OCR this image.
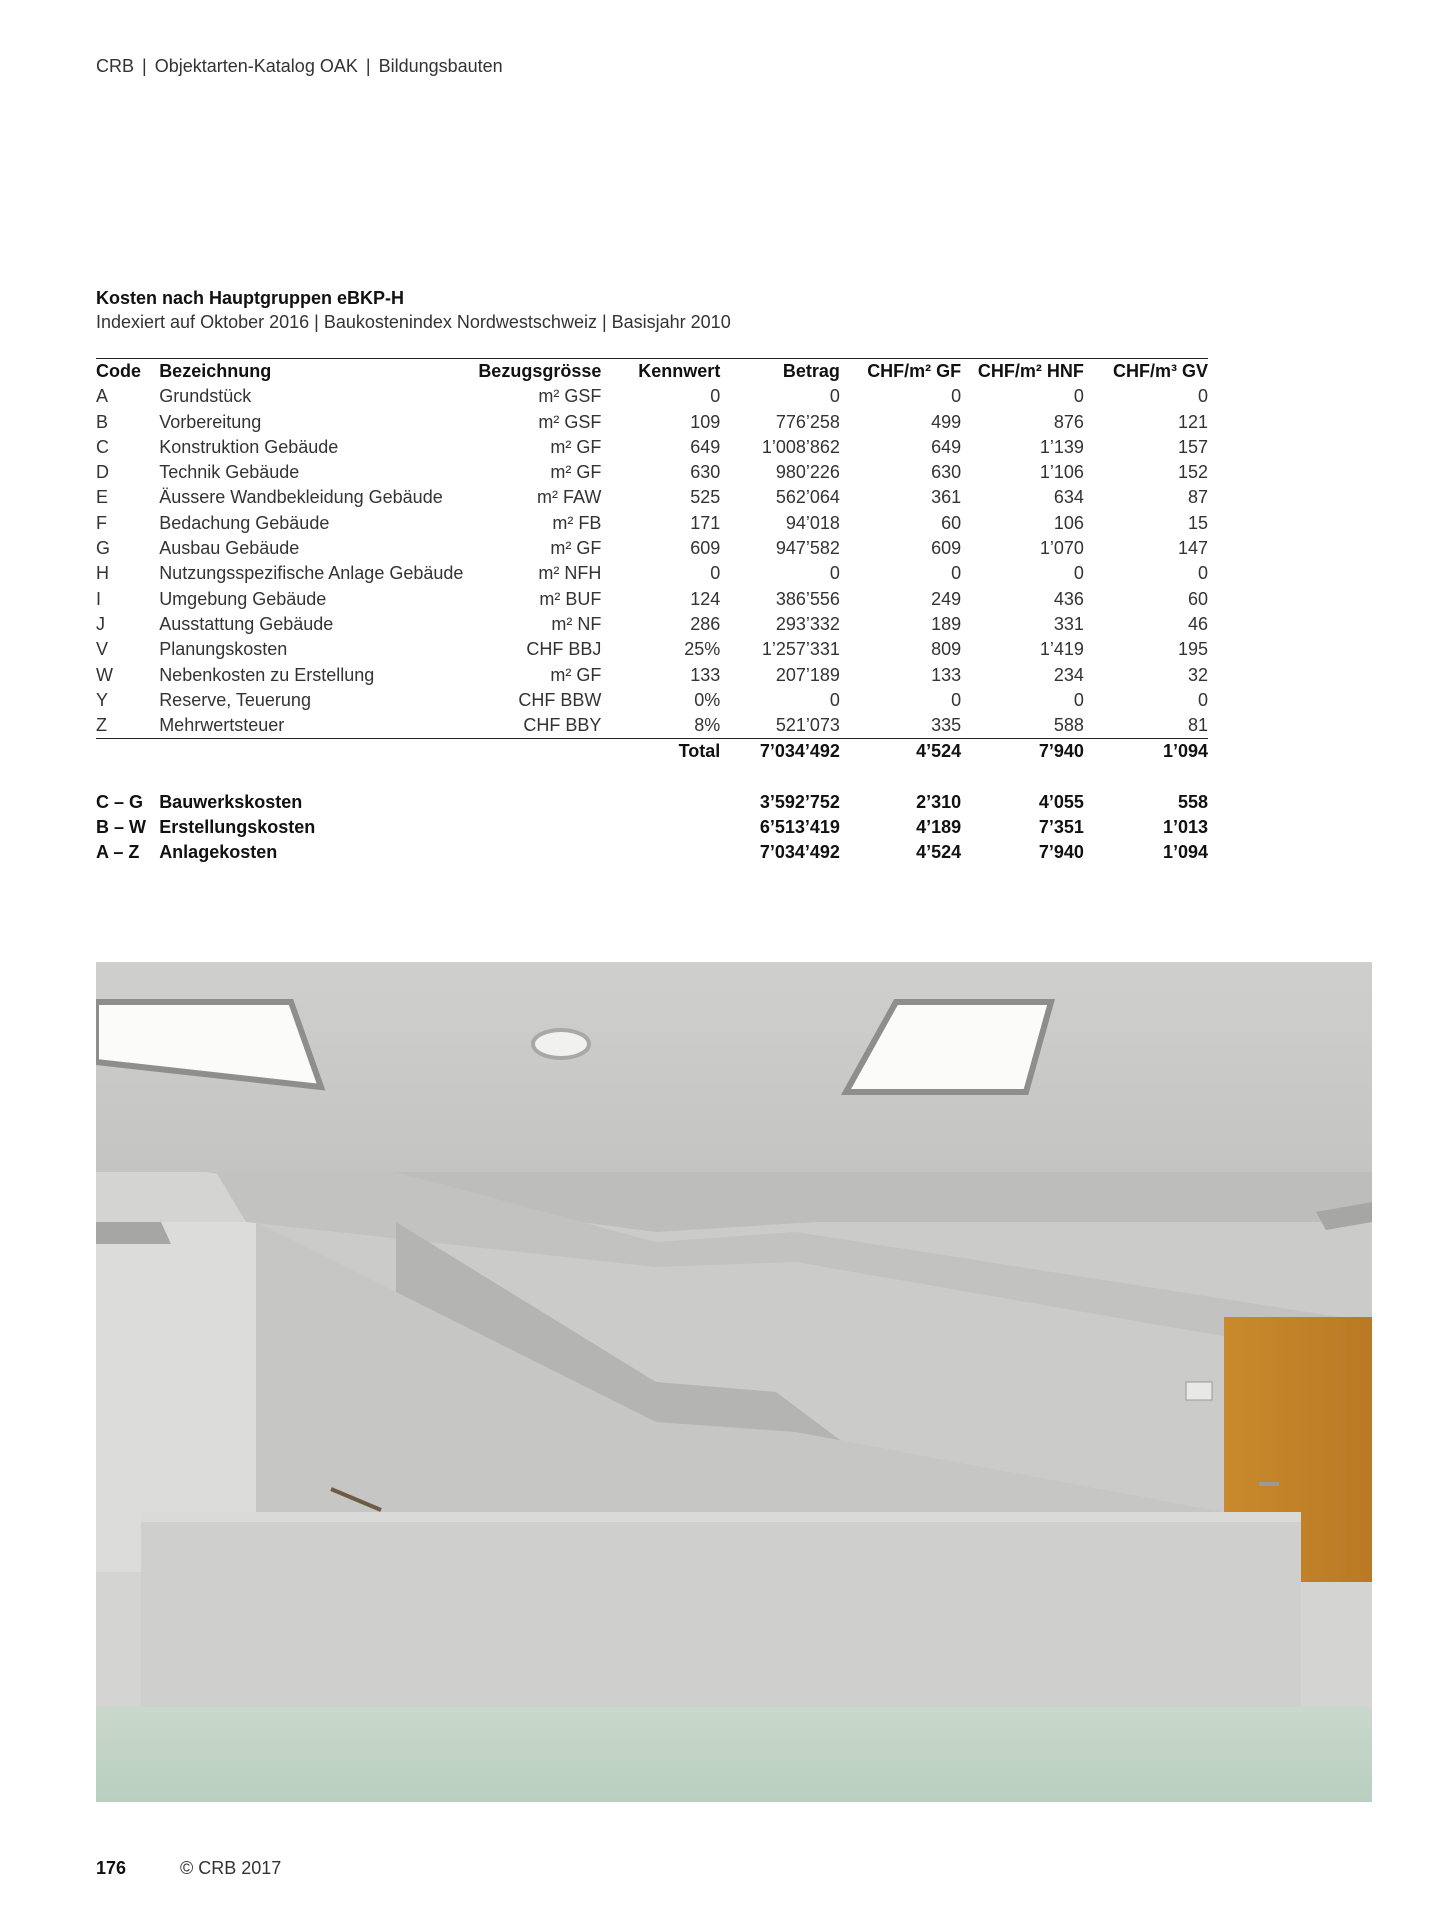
CRB | Objektarten-Katalog OAK | Bildungsbauten
Kosten nach Hauptgruppen eBKP-H
Indexiert auf Oktober 2016 | Baukostenindex Nordwestschweiz | Basisjahr 2010
Code	Bezeichnung	Bezugsgrösse	Kennwert	Betrag	CHF/m² GF	CHF/m² HNF	CHF/m³ GV
A	Grundstück	m² GSF	0	0	0	0	0
B	Vorbereitung	m² GSF	109	776’258	499	876	121
C	Konstruktion Gebäude	m² GF	649	1’008’862	649	1’139	157
D	Technik Gebäude	m² GF	630	980’226	630	1’106	152
E	Äussere Wandbekleidung Gebäude	m² FAW	525	562’064	361	634	87
F	Bedachung Gebäude	m² FB	171	94’018	60	106	15
G	Ausbau Gebäude	m² GF	609	947’582	609	1’070	147
H	Nutzungsspezifische Anlage Gebäude	m² NFH	0	0	0	0	0
I	Umgebung Gebäude	m² BUF	124	386’556	249	436	60
J	Ausstattung Gebäude	m² NF	286	293’332	189	331	46
V	Planungskosten	CHF BBJ	25%	1’257’331	809	1’419	195
W	Nebenkosten zu Erstellung	m² GF	133	207’189	133	234	32
Y	Reserve, Teuerung	CHF BBW	0%	0	0	0	0
Z	Mehrwertsteuer	CHF BBY	8%	521’073	335	588	81
			Total	7’034’492	4’524	7’940	1’094

C – G	Bauwerkskosten			3’592’752	2’310	4’055	558
B – W	Erstellungskosten			6’513’419	4’189	7’351	1’013
A – Z	Anlagekosten			7’034’492	4’524	7’940	1’094
176	© CRB 2017
